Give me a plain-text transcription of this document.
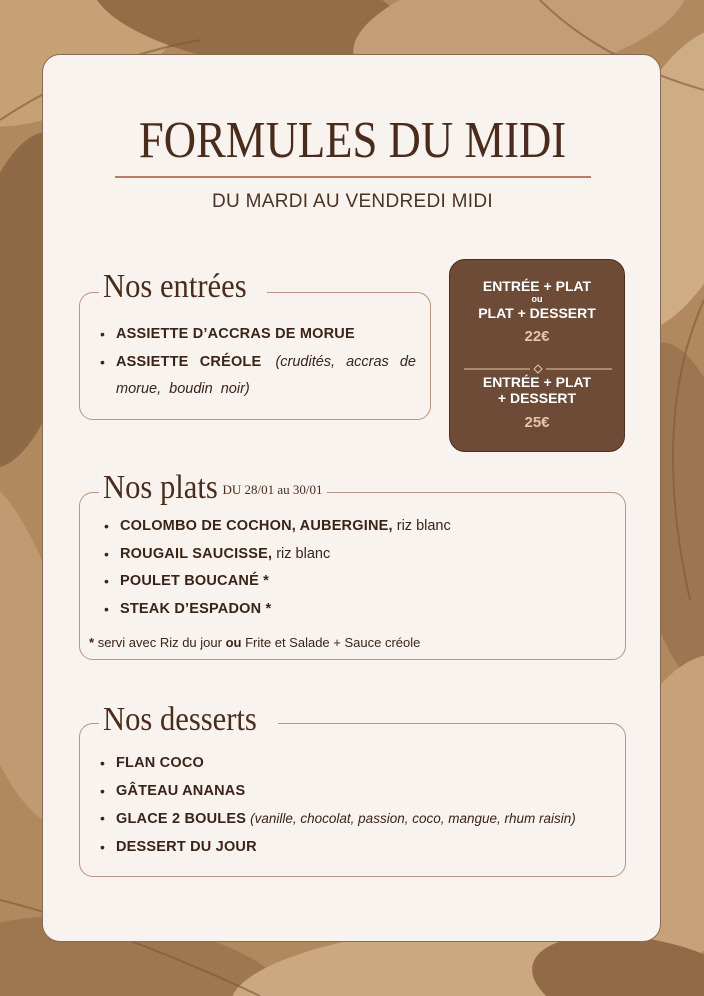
FORMULES DU MIDI
DU MARDI AU VENDREDI MIDI
• ASSIETTE D’ACCRAS DE MORUE
• ASSIETTE CRÉOLE (crudités, accras de morue, boudin noir)
Nos entrées	ENTRÉE + PLAT
ou
PLAT + DESSERT
22€
ENTRÉE + PLAT
+ DESSERT
25€
• COLOMBO DE COCHON, AUBERGINE, riz blanc
• ROUGAIL SAUCISSE, riz blanc
• POULET BOUCANÉ *
• STEAK D’ESPADON *
* servi avec Riz du jour ou Frite et Salade + Sauce créole
Nos plats DU 28/01 au 30/01
• FLAN COCO
• GÂTEAU ANANAS
• GLACE 2 BOULES (vanille, chocolat, passion, coco, mangue, rhum raisin)
• DESSERT DU JOUR
Nos desserts
